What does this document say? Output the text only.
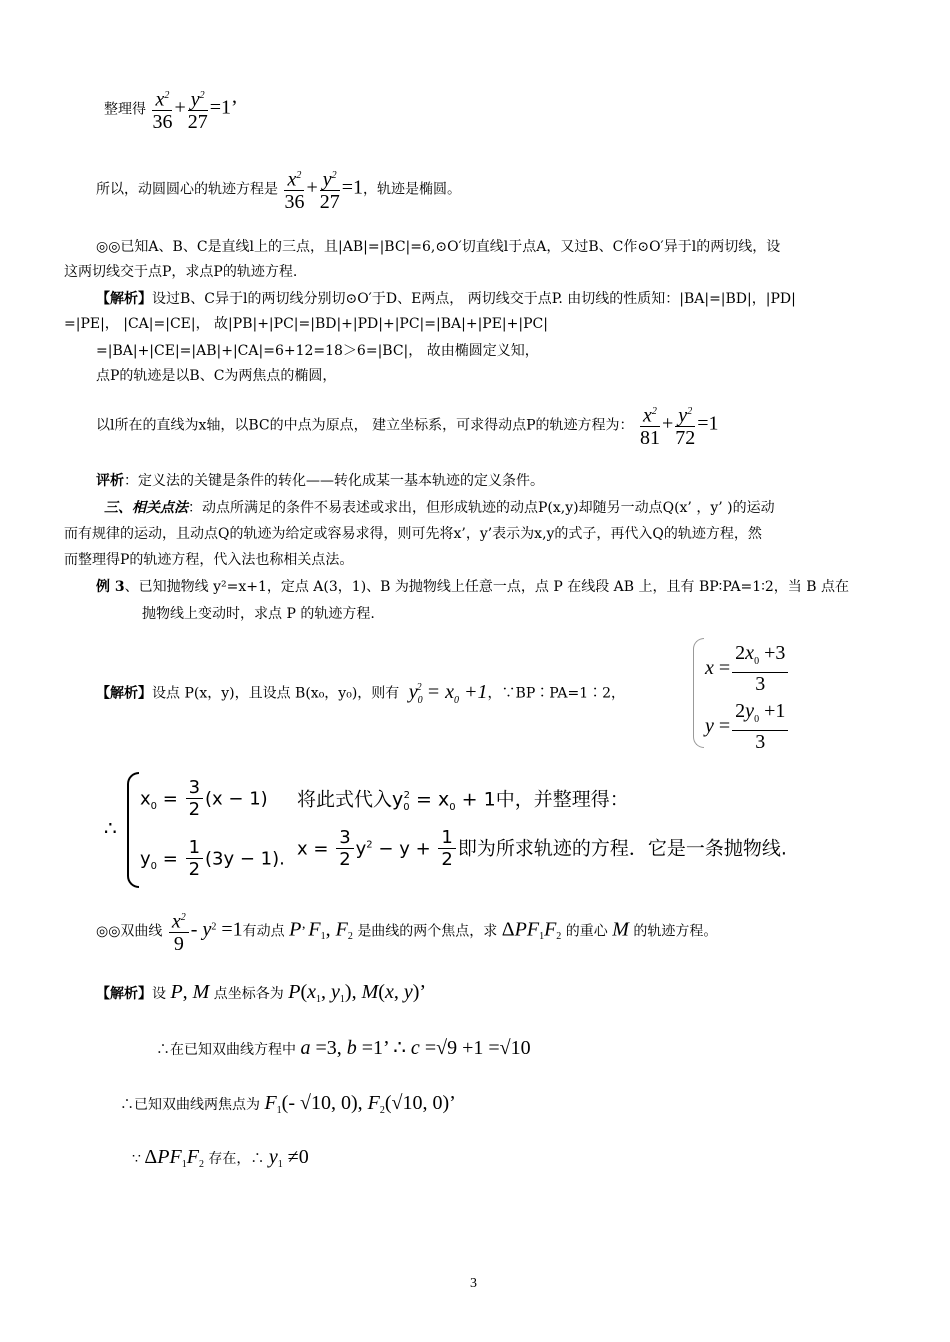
整理得 $\frac{x^2}{36} + \frac{y^2}{27} =1$’
所以，动圆圆心的轨迹方程是 $\frac{x^2}{36} + \frac{y^2}{27} =1$，轨迹是椭圆。
◎◎已知A、B、C是直线l上的三点，且|AB|=|BC|=6,⊙O′切直线l于点A，又过B、C作⊙O′异于l的两切线，设
这两切线交于点P，求点P的轨迹方程.
【解析】设过B、C异于l的两切线分别切⊙O′于D、E两点， 两切线交于点P. 由切线的性质知：|BA|=|BD|，|PD|
=|PE|， |CA|=|CE|， 故|PB|+|PC|=|BD|+|PD|+|PC|=|BA|+|PE|+|PC|
=|BA|+|CE|=|AB|+|CA|=6+12=18＞6=|BC|， 故由椭圆定义知，
点P的轨迹是以B、C为两焦点的椭圆，
以l所在的直线为x轴，以BC的中点为原点， 建立坐标系，可求得动点P的轨迹方程为： $\frac{x^2}{81} + \frac{y^2}{72} =1$
评析：定义法的关键是条件的转化——转化成某一基本轨迹的定义条件。
三、相关点法：动点所满足的条件不易表述或求出，但形成轨迹的动点P(x,y)却随另一动点Q(x’ ，y’ )的运动
而有规律的运动，且动点Q的轨迹为给定或容易求得，则可先将x’，y’表示为x,y的式子，再代入Q的轨迹方程，然
而整理得P的轨迹方程，代入法也称相关点法。
例 3、已知抛物线 y²=x+1，定点 A(3，1)、B 为抛物线上任意一点，点 P 在线段 AB 上，且有 BP∶PA=1∶2，当 B 点在
抛物线上变动时，求点 P 的轨迹方程.
【解析】设点 P(x，y)，且设点 B(x₀，y₀)，则有  $y_0^2 = x_0 +1$，∵BP∶PA=1∶2，
$x = \frac{2x_0 +3}{3}$
$y = \frac{2y_0 +1}{3}$
∴
$x_0 = \frac{3}{2} (x - 1)$
$y_0 = \frac{1}{2} (3y - 1)$.
将此式代入$y_0^2 = x_0 + 1$中，并整理得：
$x = \frac{3}{2} y^2 - y + \frac{1}{2}$ 即为所求轨迹的方程．它是一条抛物线.
◎◎双曲线 $\frac{x^2}{9} - y^2 =1$有动点 P’ $F_1$, $F_2$ 是曲线的两个焦点，求 $\Delta PF_1F_2$ 的重心 M 的轨迹方程。
【解析】设 P, M 点坐标各为 $P(x_1$, $y_1$), M(x, y)’
∴在已知双曲线方程中 a =3, b =1’ ∴ c =√9 +1 =√10
∴已知双曲线两焦点为 $F_1(-$ √10, 0), $F_2(√10$, 0)’
∵ $\Delta PF_1F_2$ 存在，∴ $y_1 \ne 0$
3
